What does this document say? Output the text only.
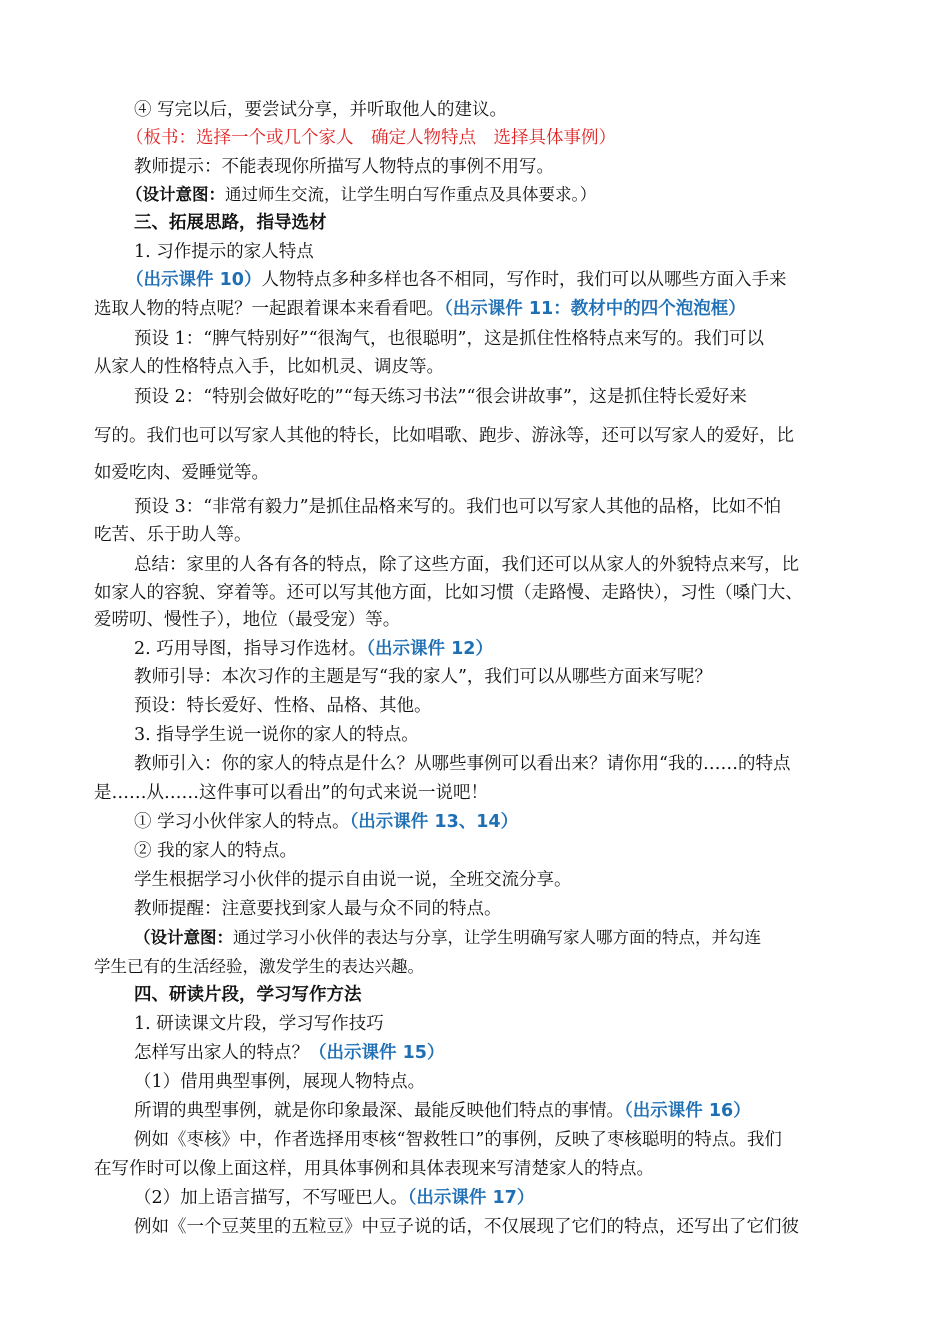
④ 写完以后，要尝试分享，并听取他人的建议。
（板书：选择一个或几个家人　确定人物特点　选择具体事例）
教师提示：不能表现你所描写人物特点的事例不用写。
（设计意图：通过师生交流，让学生明白写作重点及具体要求。）
三、拓展思路，指导选材
1. 习作提示的家人特点
（出示课件 10）人物特点多种多样也各不相同，写作时，我们可以从哪些方面入手来
选取人物的特点呢？一起跟着课本来看看吧。（出示课件 11：教材中的四个泡泡框）
预设 1：“脾气特别好”“很淘气，也很聪明”，这是抓住性格特点来写的。我们可以
从家人的性格特点入手，比如机灵、调皮等。
预设 2：“特别会做好吃的”“每天练习书法”“很会讲故事”，这是抓住特长爱好来
写的。我们也可以写家人其他的特长，比如唱歌、跑步、游泳等，还可以写家人的爱好，比
如爱吃肉、爱睡觉等。
预设 3：“非常有毅力”是抓住品格来写的。我们也可以写家人其他的品格，比如不怕
吃苦、乐于助人等。
总结：家里的人各有各的特点，除了这些方面，我们还可以从家人的外貌特点来写，比
如家人的容貌、穿着等。还可以写其他方面，比如习惯（走路慢、走路快），习性（嗓门大、
爱唠叨、慢性子），地位（最受宠）等。
2. 巧用导图，指导习作选材。（出示课件 12）
教师引导：本次习作的主题是写“我的家人”，我们可以从哪些方面来写呢？
预设：特长爱好、性格、品格、其他。
3. 指导学生说一说你的家人的特点。
教师引入：你的家人的特点是什么？从哪些事例可以看出来？请你用“我的……的特点
是……从……这件事可以看出”的句式来说一说吧！
① 学习小伙伴家人的特点。（出示课件 13、14）
② 我的家人的特点。
学生根据学习小伙伴的提示自由说一说，全班交流分享。
教师提醒：注意要找到家人最与众不同的特点。
（设计意图：通过学习小伙伴的表达与分享，让学生明确写家人哪方面的特点，并勾连
学生已有的生活经验，激发学生的表达兴趣。
四、研读片段，学习写作方法
1. 研读课文片段，学习写作技巧
怎样写出家人的特点？（出示课件 15）
（1）借用典型事例，展现人物特点。
所谓的典型事例，就是你印象最深、最能反映他们特点的事情。（出示课件 16）
例如《枣核》中，作者选择用枣核“智救牲口”的事例，反映了枣核聪明的特点。我们
在写作时可以像上面这样，用具体事例和具体表现来写清楚家人的特点。
（2）加上语言描写，不写哑巴人。（出示课件 17）
例如《一个豆荚里的五粒豆》中豆子说的话，不仅展现了它们的特点，还写出了它们彼
